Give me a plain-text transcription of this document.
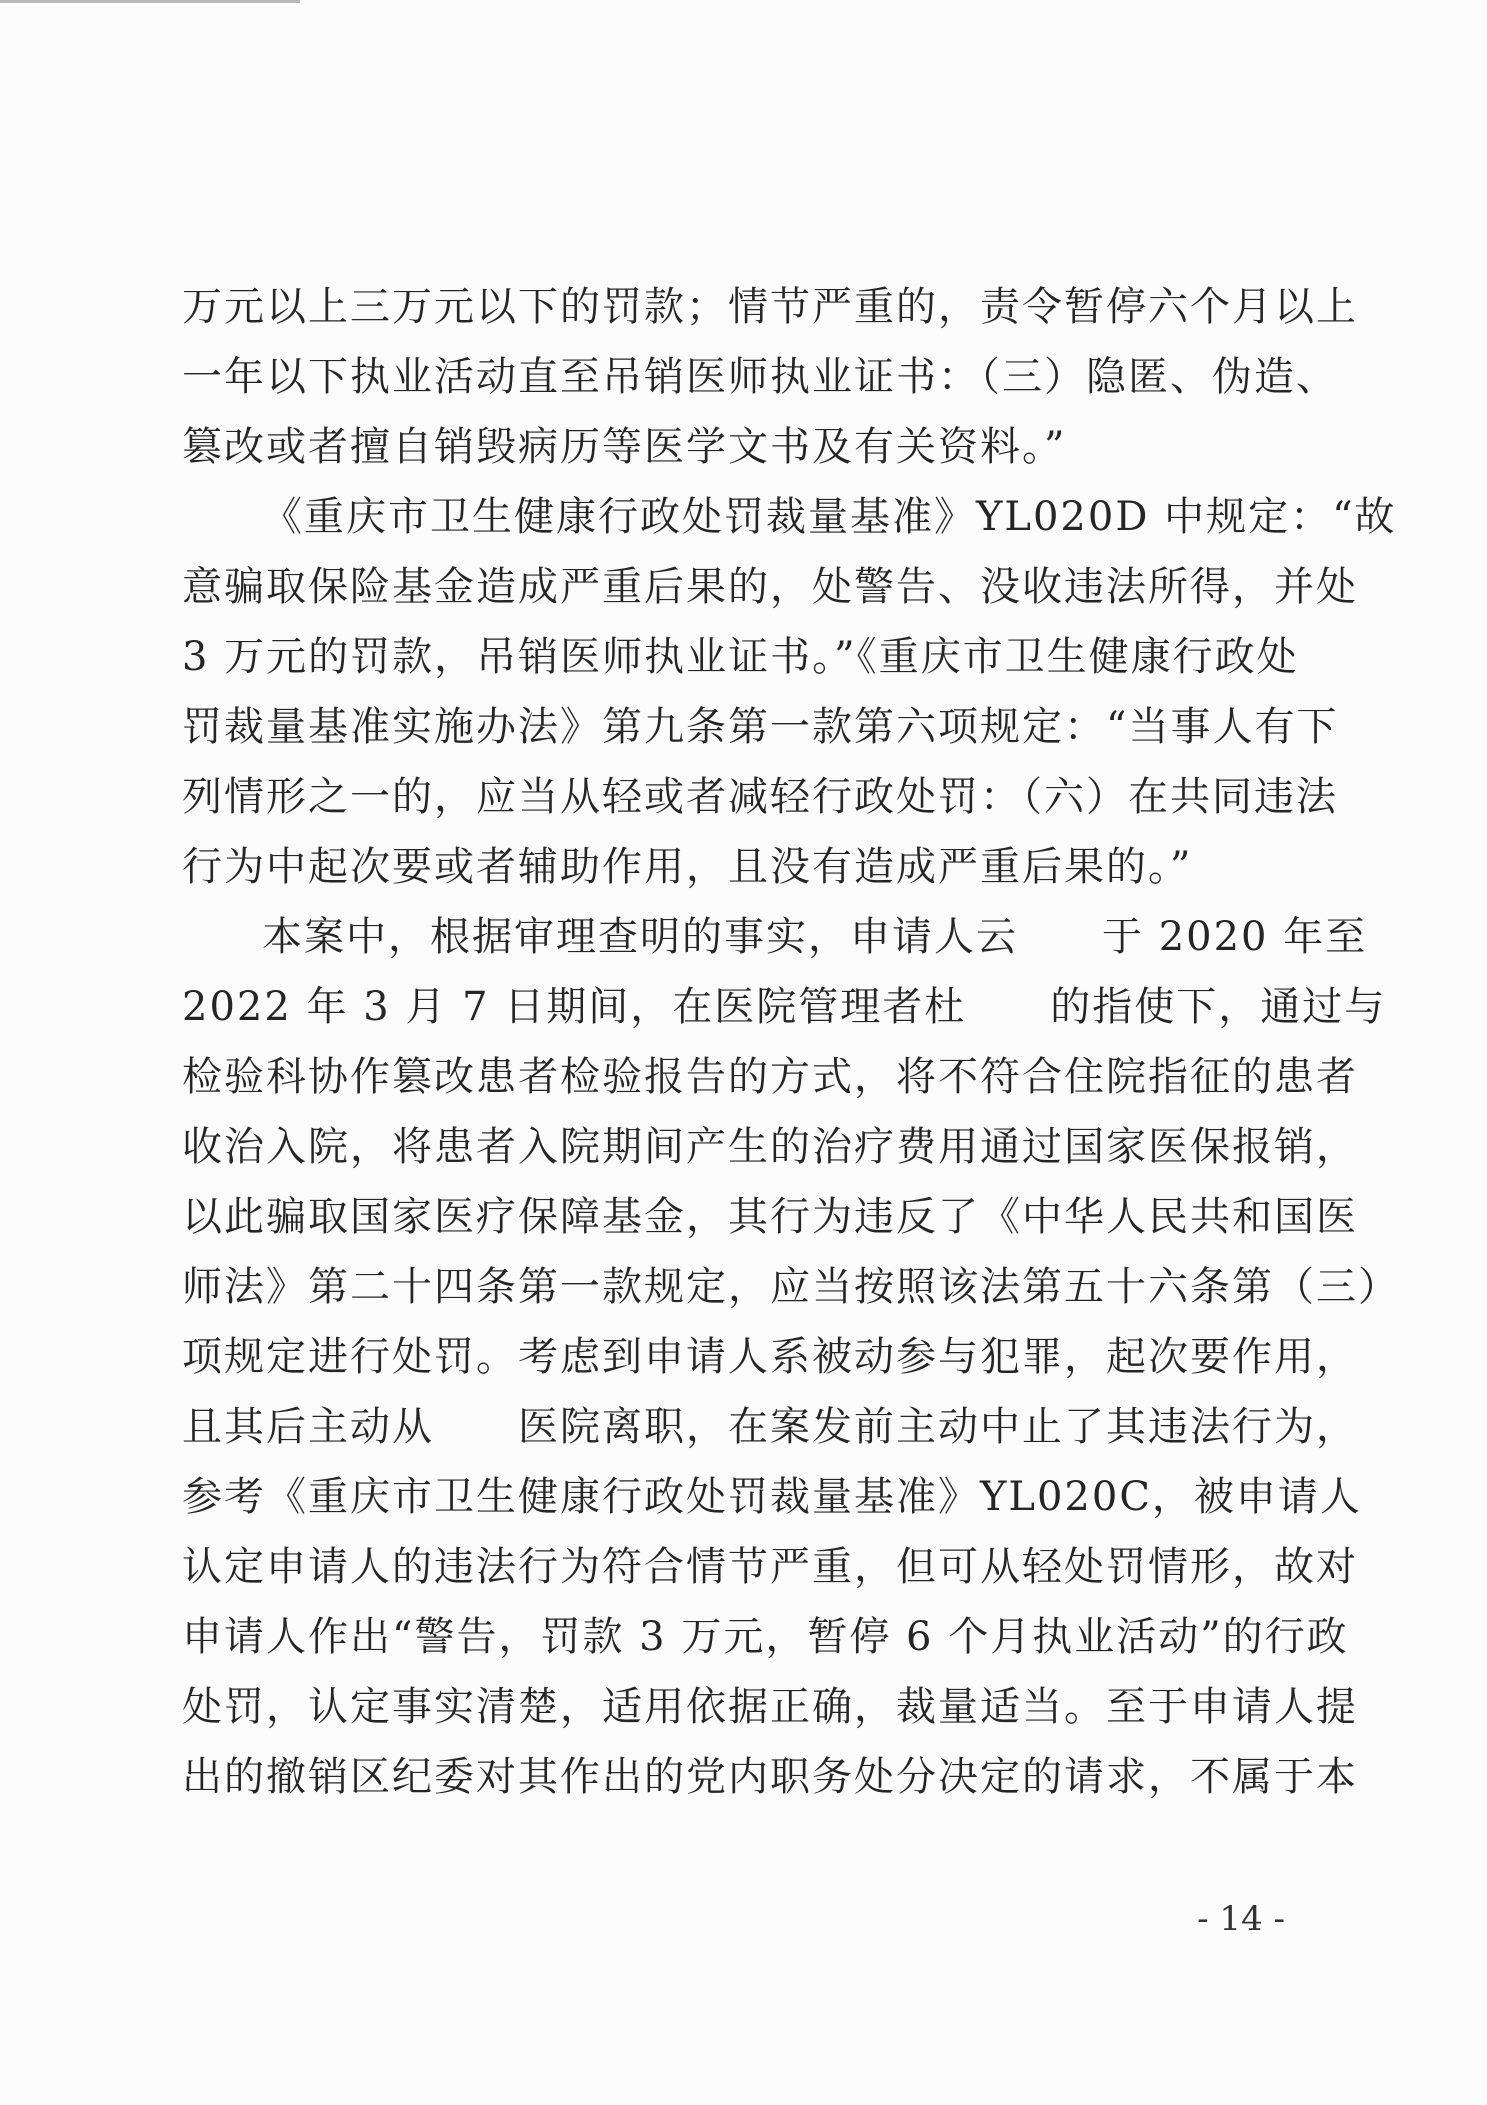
万元以上三万元以下的罚款；情节严重的，责令暂停六个月以上
一年以下执业活动直至吊销医师执业证书：（三）隐匿、伪造、
篡改或者擅自销毁病历等医学文书及有关资料。”
《重庆市卫生健康行政处罚裁量基准》YL020D 中规定：“故
意骗取保险基金造成严重后果的，处警告、没收违法所得，并处
3 万元的罚款，吊销医师执业证书。”《重庆市卫生健康行政处
罚裁量基准实施办法》第九条第一款第六项规定：“当事人有下
列情形之一的，应当从轻或者减轻行政处罚：（六）在共同违法
行为中起次要或者辅助作用，且没有造成严重后果的。”
本案中，根据审理查明的事实，申请人云　　于 2020 年至
2022 年 3 月 7 日期间，在医院管理者杜　　的指使下，通过与
检验科协作篡改患者检验报告的方式，将不符合住院指征的患者
收治入院，将患者入院期间产生的治疗费用通过国家医保报销，
以此骗取国家医疗保障基金，其行为违反了《中华人民共和国医
师法》第二十四条第一款规定，应当按照该法第五十六条第（三）
项规定进行处罚。考虑到申请人系被动参与犯罪，起次要作用，
且其后主动从　　医院离职，在案发前主动中止了其违法行为，
参考《重庆市卫生健康行政处罚裁量基准》YL020C，被申请人
认定申请人的违法行为符合情节严重，但可从轻处罚情形，故对
申请人作出“警告，罚款 3 万元，暂停 6 个月执业活动”的行政
处罚，认定事实清楚，适用依据正确，裁量适当。至于申请人提
出的撤销区纪委对其作出的党内职务处分决定的请求，不属于本
- 14 -
